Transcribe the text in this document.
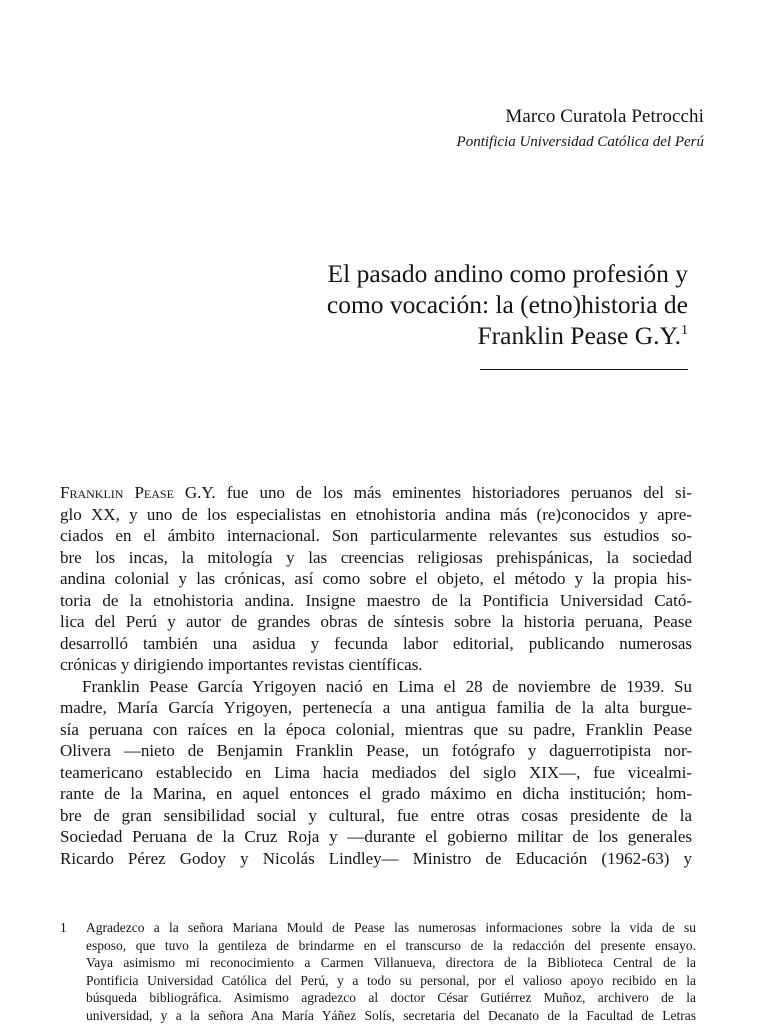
Marco Curatola Petrocchi
Pontificia Universidad Católica del Perú
El pasado andino como profesión y
como vocación: la (etno)historia de
Franklin Pease G.Y.$^1$
Franklin Pease G.Y. fue uno de los más eminentes historiadores peruanos del si-
glo XX, y uno de los especialistas en etnohistoria andina más (re)conocidos y apre-
ciados en el ámbito internacional. Son particularmente relevantes sus estudios so-
bre los incas, la mitología y las creencias religiosas prehispánicas, la sociedad
andina colonial y las crónicas, así como sobre el objeto, el método y la propia his-
toria de la etnohistoria andina. Insigne maestro de la Pontificia Universidad Cató-
lica del Perú y autor de grandes obras de síntesis sobre la historia peruana, Pease
desarrolló también una asidua y fecunda labor editorial, publicando numerosas
crónicas y dirigiendo importantes revistas científicas.
Franklin Pease García Yrigoyen nació en Lima el 28 de noviembre de 1939. Su
madre, María García Yrigoyen, pertenecía a una antigua familia de la alta burgue-
sía peruana con raíces en la época colonial, mientras que su padre, Franklin Pease
Olivera —nieto de Benjamin Franklin Pease, un fotógrafo y daguerrotipista nor-
teamericano establecido en Lima hacia mediados del siglo XIX—, fue vicealmi-
rante de la Marina, en aquel entonces el grado máximo en dicha institución; hom-
bre de gran sensibilidad social y cultural, fue entre otras cosas presidente de la
Sociedad Peruana de la Cruz Roja y —durante el gobierno militar de los generales
Ricardo Pérez Godoy y Nicolás Lindley— Ministro de Educación (1962-63) y
1	Agradezco a la señora Mariana Mould de Pease las numerosas informaciones sobre la vida de su
esposo, que tuvo la gentileza de brindarme en el transcurso de la redacción del presente ensayo.
Vaya asimismo mi reconocimiento a Carmen Villanueva, directora de la Biblioteca Central de la
Pontificia Universidad Católica del Perú, y a todo su personal, por el valioso apoyo recibido en la
búsqueda bibliográfica. Asimismo agradezco al doctor César Gutiérrez Muñoz, archivero de la
universidad, y a la señora Ana María Yáñez Solís, secretaria del Decanato de la Facultad de Letras
